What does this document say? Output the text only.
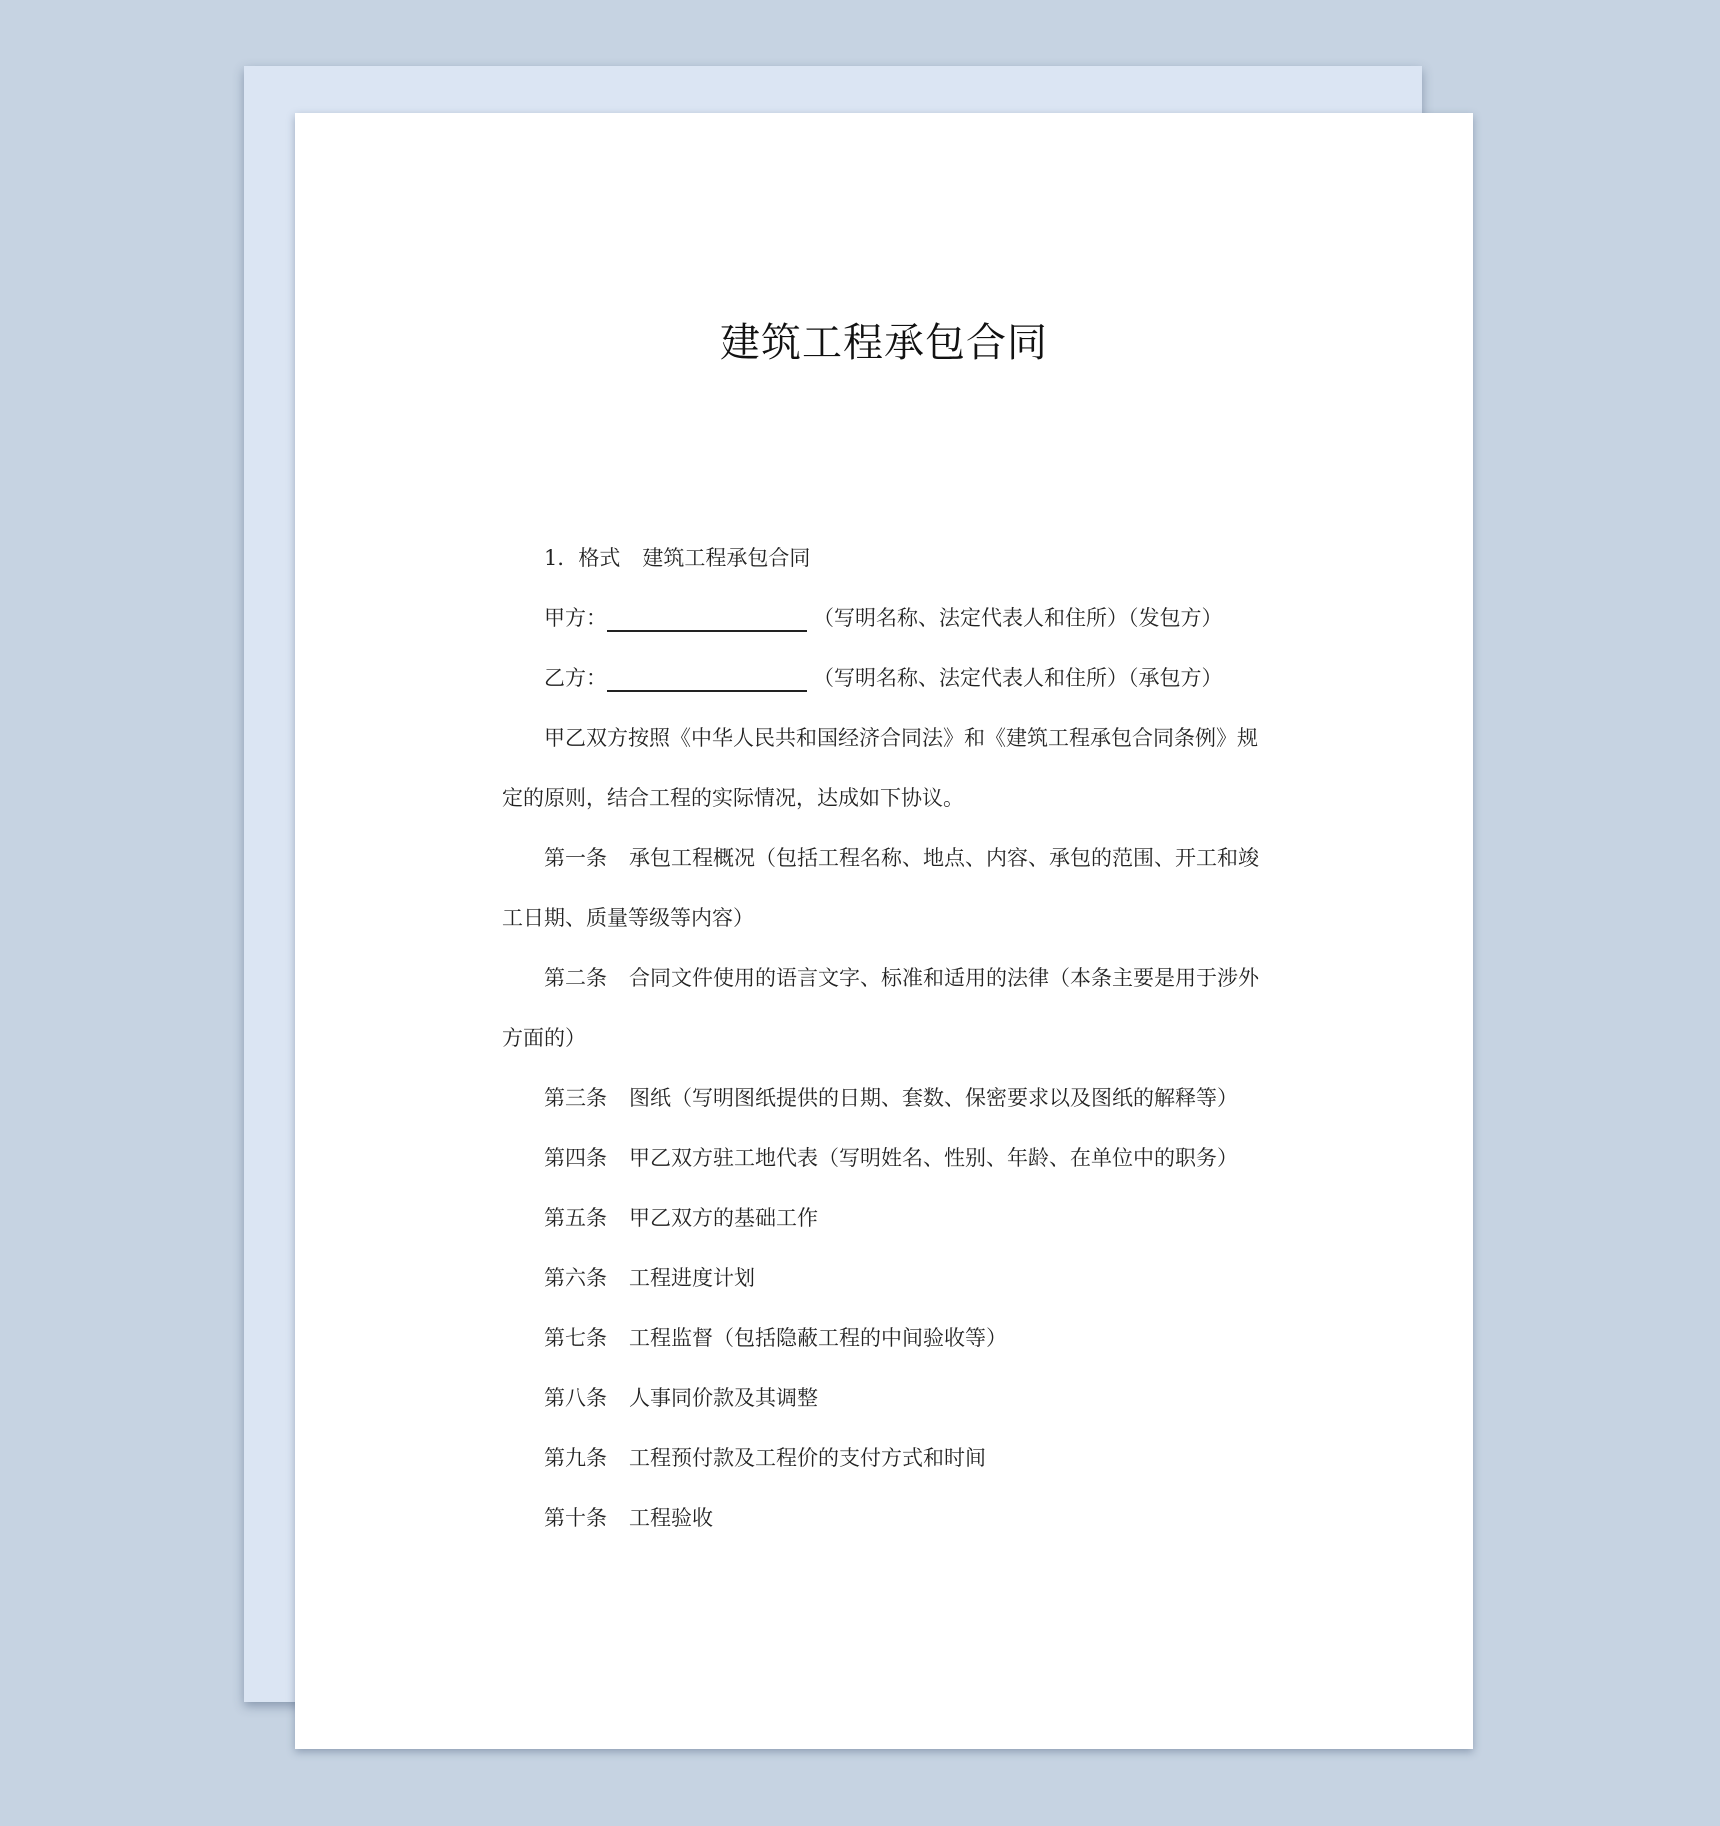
建筑工程承包合同
1．格式 建筑工程承包合同
甲方：	（写明名称、法定代表人和住所）（发包方）
乙方：	（写明名称、法定代表人和住所）（承包方）
甲乙双方按照《中华人民共和国经济合同法》和《建筑工程承包合同条例》规
定的原则，结合工程的实际情况，达成如下协议。
第一条 承包工程概况（包括工程名称、地点、内容、承包的范围、开工和竣
工日期、质量等级等内容）
第二条 合同文件使用的语言文字、标准和适用的法律（本条主要是用于涉外
方面的）
第三条 图纸（写明图纸提供的日期、套数、保密要求以及图纸的解释等）
第四条 甲乙双方驻工地代表（写明姓名、性别、年龄、在单位中的职务）
第五条 甲乙双方的基础工作
第六条 工程进度计划
第七条 工程监督（包括隐蔽工程的中间验收等）
第八条 人事同价款及其调整
第九条 工程预付款及工程价的支付方式和时间
第十条 工程验收
